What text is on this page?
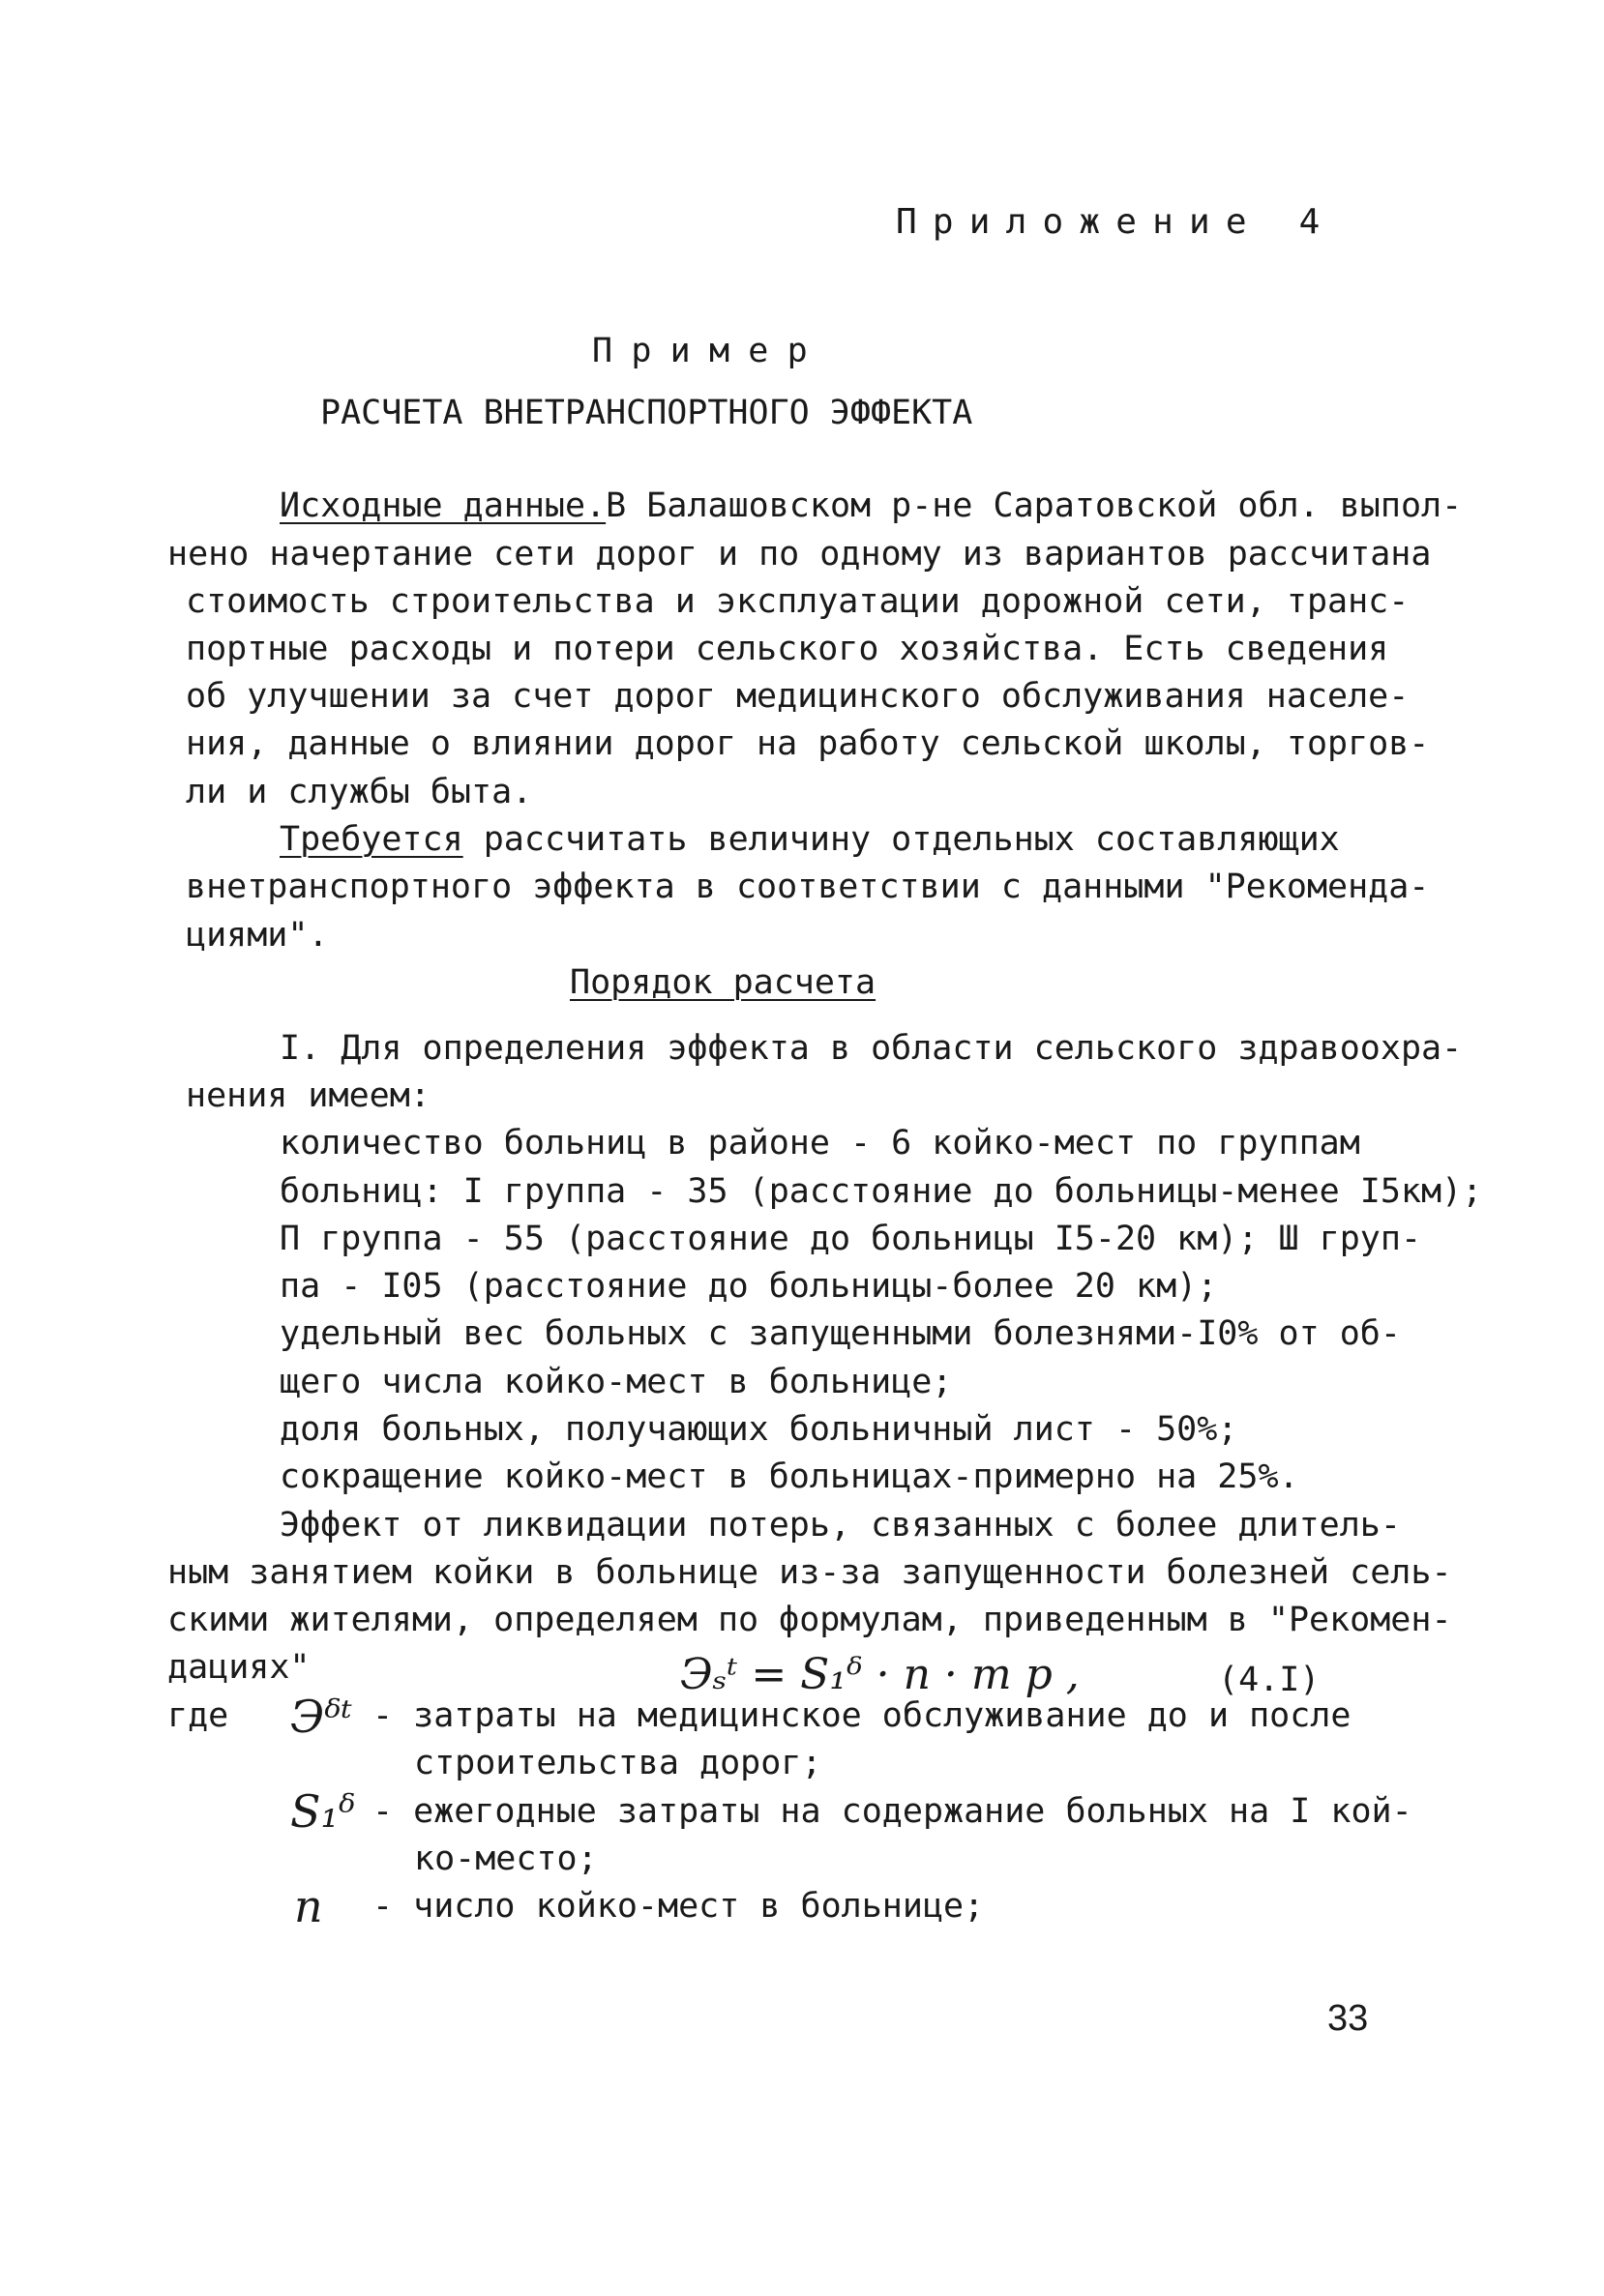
Приложение 4
Пример
РАСЧЕТА ВНЕТРАНСПОРТНОГО ЭФФЕКТА
Исходные данные.В Балашовском р-не Саратовской обл. выпол-
нено начертание сети дорог и по одному из вариантов рассчитана
стоимость строительства и эксплуатации дорожной сети, транс-
портные расходы и потери сельского хозяйства. Есть сведения
об улучшении за счет дорог медицинского обслуживания населе-
ния, данные о влиянии дорог на работу сельской школы, торгов-
ли и службы быта.
Требуется рассчитать величину отдельных составляющих
внетранспортного эффекта в соответствии с данными "Рекоменда-
циями".
Порядок расчета
I. Для определения эффекта в области сельского здравоохра-
нения имеем:
количество больниц в районе - 6 койко-мест по группам
больниц: I группа - 35 (расстояние до больницы-менее I5км);
П группа - 55 (расстояние до больницы I5-20 км); Ш груп-
па - I05 (расстояние до больницы-более 20 км);
удельный вес больных с запущенными болезнями-I0% от об-
щего числа койко-мест в больнице;
доля больных, получающих больничный лист - 50%;
сокращение койко-мест в больницах-примерно на 25%.
Эффект от ликвидации потерь, связанных с более длитель-
ным занятием койки в больнице из-за запущенности болезней сель-
скими жителями, определяем по формулам, приведенным в "Рекомен-
дациях"	Эₛᵗ = S₁ᵟ · n · m p ,	(4.I)
где Эᵟᵗ - затраты на медицинское обслуживание до и после
строительства дорог;
S₁ᵟ - ежегодные затраты на содержание больных на I кой-
ко-место;
n - число койко-мест в больнице;
33
